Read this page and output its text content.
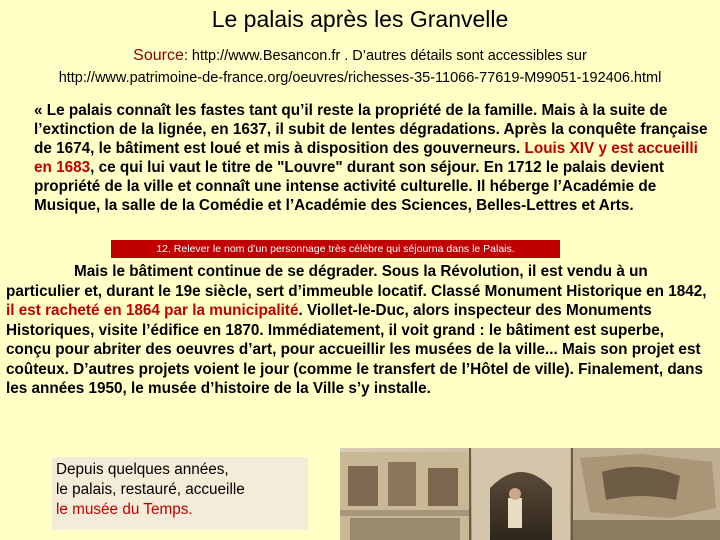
Le palais après les Granvelle
Source: http://www.Besancon.fr . D’autres détails sont accessibles sur
http://www.patrimoine-de-france.org/oeuvres/richesses-35-11066-77619-M99051-192406.html

« Le palais connaît les fastes tant qu’il reste la propriété de la famille. Mais à la suite de l’extinction de la lignée, en 1637, il subit de lentes dégradations. Après la conquête française de 1674, le bâtiment est loué et mis à disposition des gouverneurs. Louis XIV y est accueilli en 1683, ce qui lui vaut le titre de "Louvre" durant son séjour. En 1712 le palais devient propriété de la ville et connaît une intense activité culturelle. Il héberge l’Académie de Musique, la salle de la Comédie et l’Académie des Sciences, Belles-Lettres et Arts.

12. Relever le nom d’un personnage très célèbre qui séjourna dans le Palais.

Mais le bâtiment continue de se dégrader. Sous la Révolution, il est vendu à un particulier et, durant le 19e siècle, sert d’immeuble locatif. Classé Monument Historique en 1842, il est racheté en 1864 par la municipalité. Viollet-le-Duc, alors inspecteur des Monuments Historiques, visite l’édifice en 1870. Immédiatement, il voit grand : le bâtiment est superbe, conçu pour abriter des oeuvres d’art, pour accueillir les musées de la ville... Mais son projet est coûteux. D’autres projets voient le jour (comme le transfert de l’Hôtel de ville). Finalement, dans les années 1950, le musée d’histoire de la Ville s’y installe.

Depuis quelques années,
le palais, restauré, accueille
le musée du Temps.
